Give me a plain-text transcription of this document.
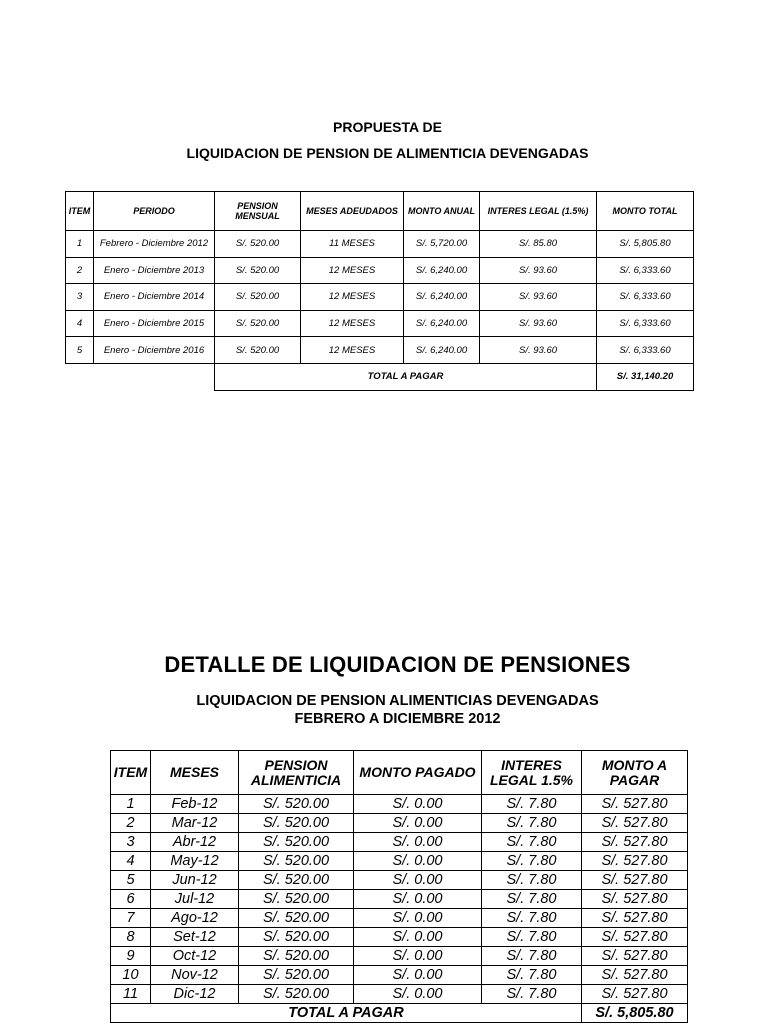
PROPUESTA DE
LIQUIDACION DE PENSION DE ALIMENTICIA DEVENGADAS
ITEM	PERIODO	PENSION MENSUAL	MESES ADEUDADOS	MONTO ANUAL	INTERES LEGAL (1.5%)	MONTO TOTAL
1	Febrero - Diciembre 2012	S/. 520.00	11 MESES	S/. 5,720.00	S/. 85.80	S/. 5,805.80
2	Enero - Diciembre 2013	S/. 520.00	12 MESES	S/. 6,240.00	S/. 93.60	S/. 6,333.60
3	Enero - Diciembre 2014	S/. 520.00	12 MESES	S/. 6,240.00	S/. 93.60	S/. 6,333.60
4	Enero - Diciembre 2015	S/. 520.00	12 MESES	S/. 6,240.00	S/. 93.60	S/. 6,333.60
5	Enero - Diciembre 2016	S/. 520.00	12 MESES	S/. 6,240.00	S/. 93.60	S/. 6,333.60
		TOTAL A PAGAR				S/. 31,140.20
DETALLE DE LIQUIDACION DE PENSIONES
LIQUIDACION DE PENSION ALIMENTICIAS DEVENGADAS
FEBRERO A DICIEMBRE 2012
ITEM	MESES	PENSION ALIMENTICIA	MONTO PAGADO	INTERES LEGAL 1.5%	MONTO A PAGAR
1	Feb-12	S/. 520.00	S/. 0.00	S/. 7.80	S/. 527.80
2	Mar-12	S/. 520.00	S/. 0.00	S/. 7.80	S/. 527.80
3	Abr-12	S/. 520.00	S/. 0.00	S/. 7.80	S/. 527.80
4	May-12	S/. 520.00	S/. 0.00	S/. 7.80	S/. 527.80
5	Jun-12	S/. 520.00	S/. 0.00	S/. 7.80	S/. 527.80
6	Jul-12	S/. 520.00	S/. 0.00	S/. 7.80	S/. 527.80
7	Ago-12	S/. 520.00	S/. 0.00	S/. 7.80	S/. 527.80
8	Set-12	S/. 520.00	S/. 0.00	S/. 7.80	S/. 527.80
9	Oct-12	S/. 520.00	S/. 0.00	S/. 7.80	S/. 527.80
10	Nov-12	S/. 520.00	S/. 0.00	S/. 7.80	S/. 527.80
11	Dic-12	S/. 520.00	S/. 0.00	S/. 7.80	S/. 527.80
TOTAL A PAGAR					S/. 5,805.80
